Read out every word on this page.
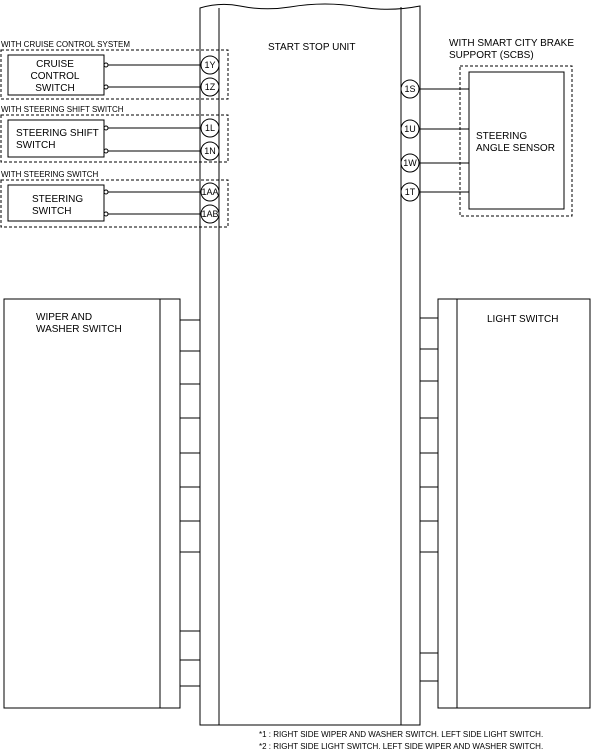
START STOP UNIT
WITH CRUISE CONTROL SYSTEM
CRUISE
CONTROL
SWITCH
1Y
1Z
WITH STEERING SHIFT SWITCH
STEERING SHIFT
SWITCH
1L
1N
WITH STEERING SWITCH
STEERING
SWITCH
1AA
1AB
WITH SMART CITY BRAKE
SUPPORT (SCBS)
STEERING
ANGLE SENSOR
1S
1U
1W
1T
WIPER AND
WASHER SWITCH
LIGHT SWITCH
*1 : RIGHT SIDE WIPER AND WASHER SWITCH. LEFT SIDE LIGHT SWITCH.
*2 : RIGHT SIDE LIGHT SWITCH. LEFT SIDE WIPER AND WASHER SWITCH.
